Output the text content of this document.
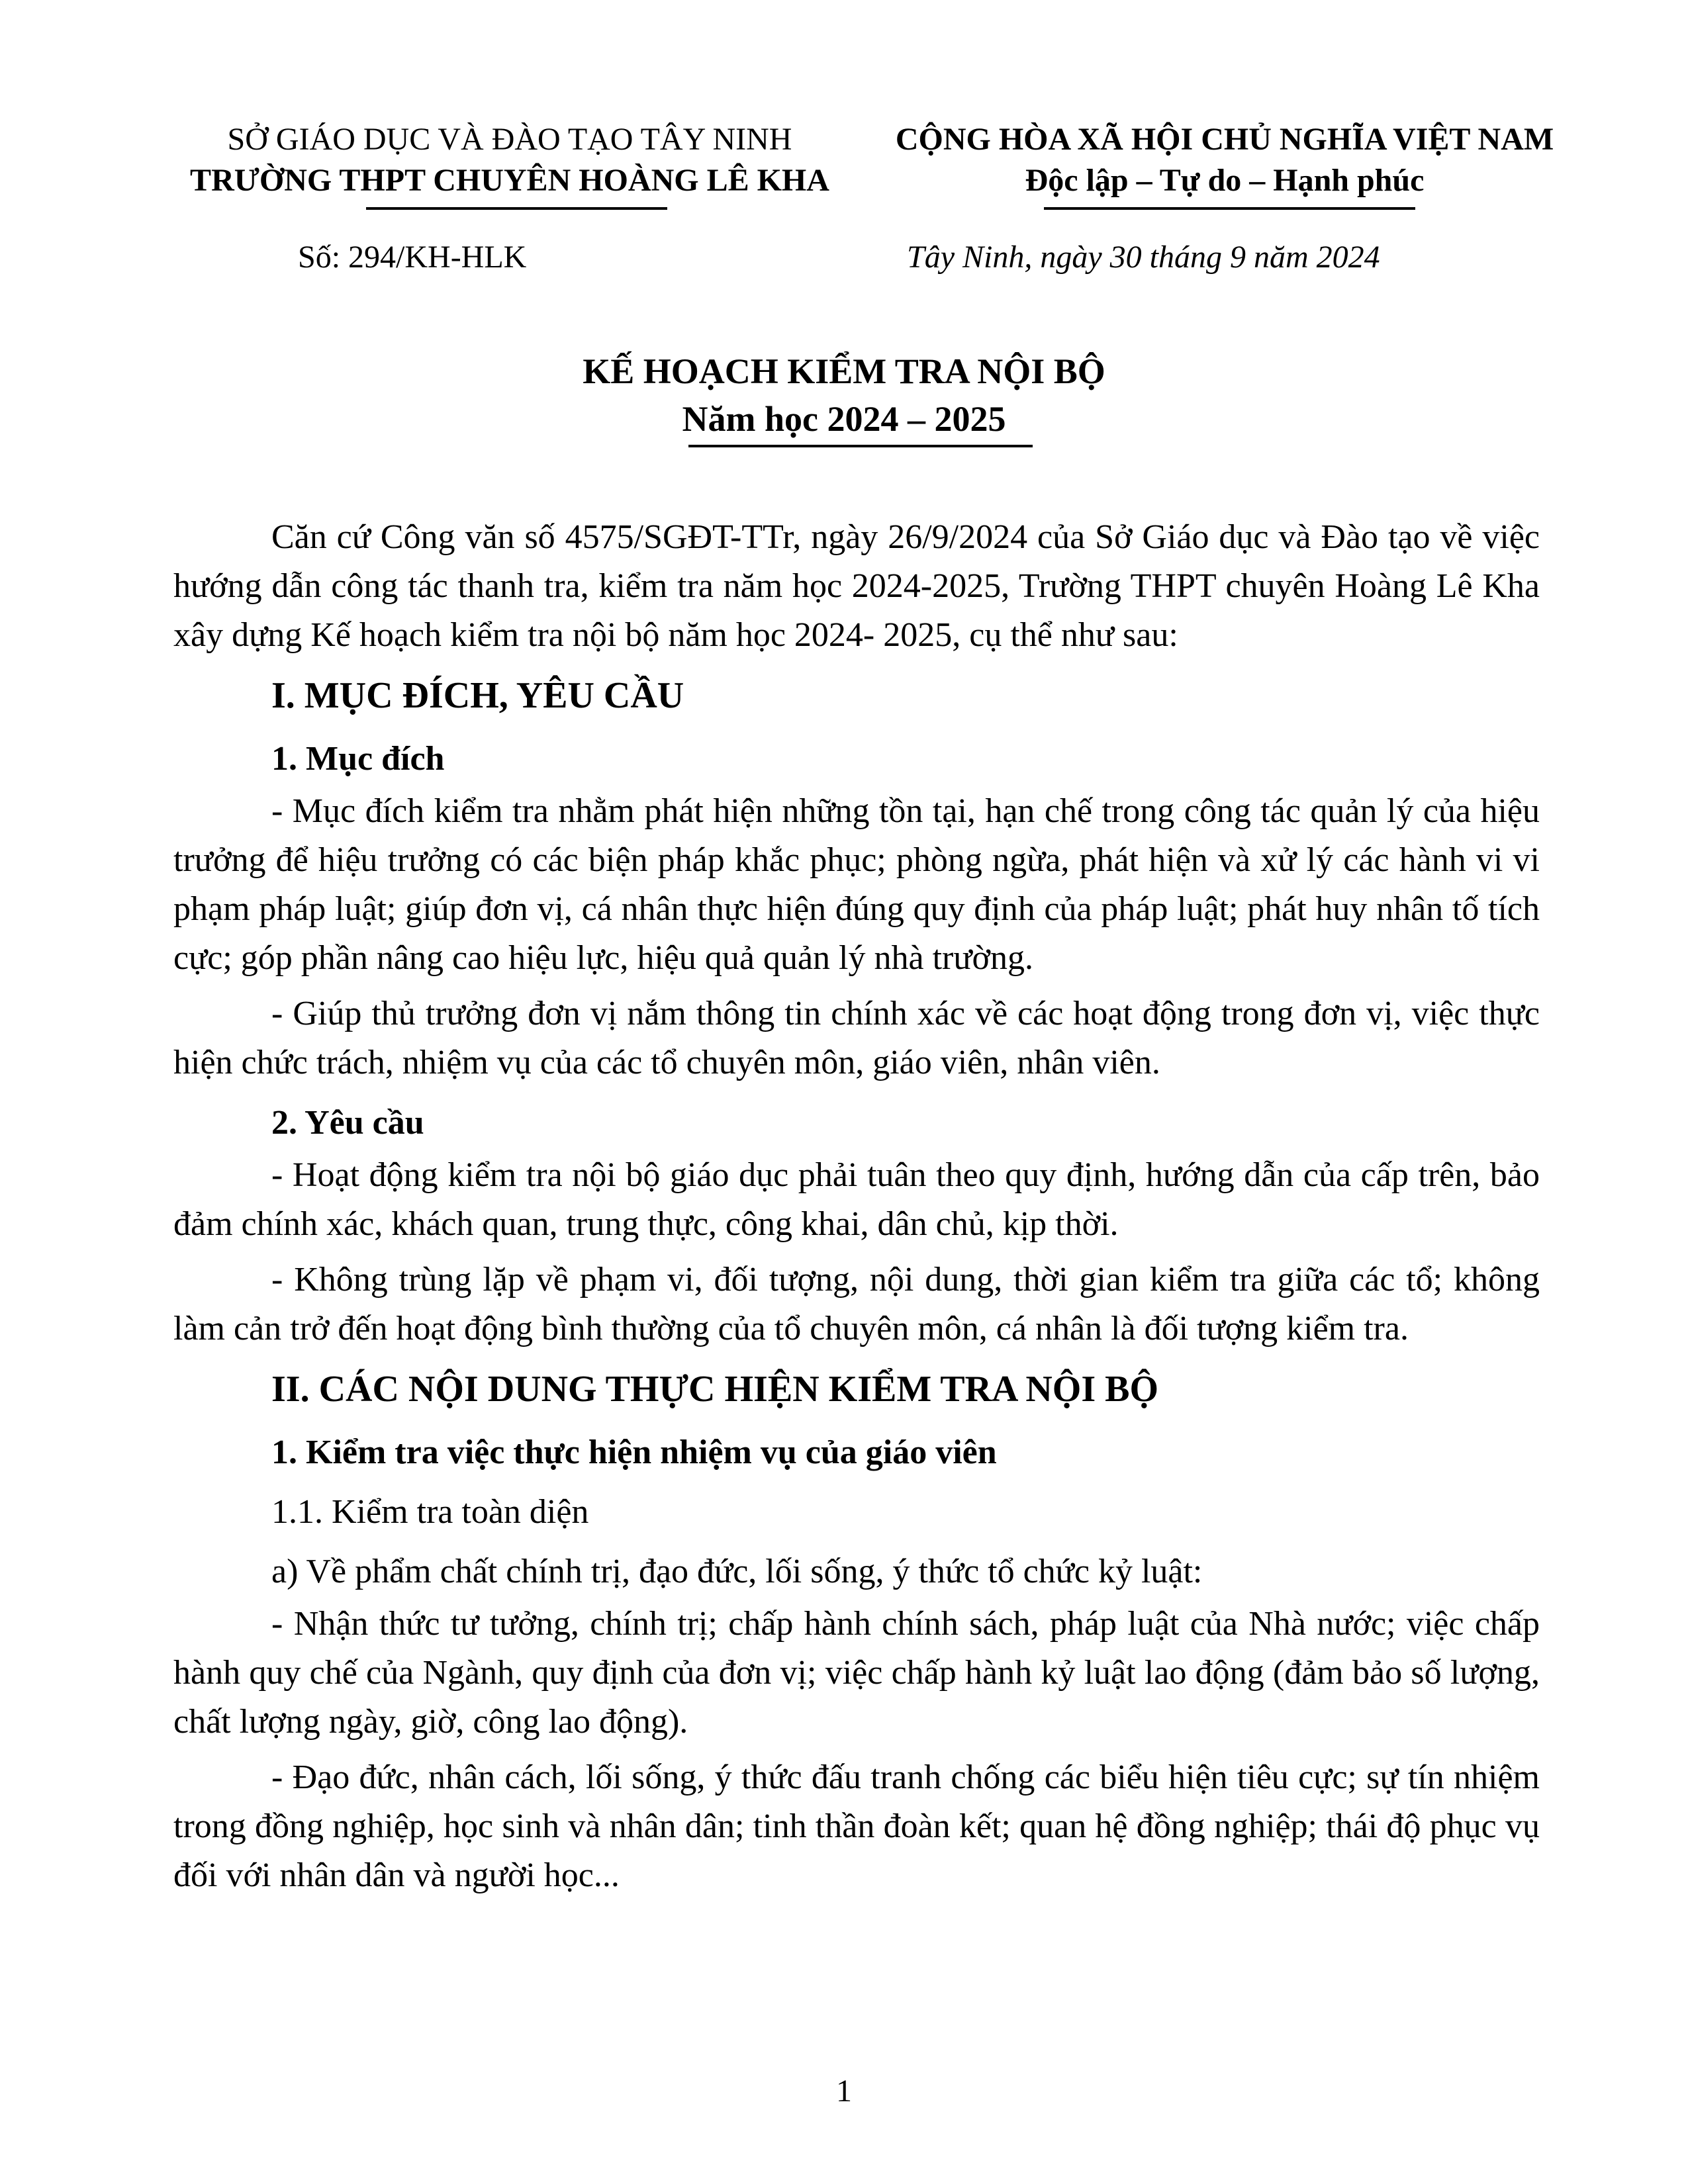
SỞ GIÁO DỤC VÀ ĐÀO TẠO TÂY NINH
TRƯỜNG THPT CHUYÊN HOÀNG LÊ KHA
CỘNG HÒA XÃ HỘI CHỦ NGHĨA VIỆT NAM
Độc lập – Tự do – Hạnh phúc
Số: 294/KH-HLK	Tây Ninh, ngày 30 tháng 9 năm 2024
KẾ HOẠCH KIỂM TRA NỘI BỘ
Năm học 2024 – 2025

Căn cứ Công văn số 4575/SGĐT-TTr, ngày 26/9/2024 của Sở Giáo dục và Đào tạo về việc hướng dẫn công tác thanh tra, kiểm tra năm học 2024-2025, Trường THPT chuyên Hoàng Lê Kha xây dựng Kế hoạch kiểm tra nội bộ năm học 2024- 2025, cụ thể như sau:

I. MỤC ĐÍCH, YÊU CẦU
1. Mục đích

- Mục đích kiểm tra nhằm phát hiện những tồn tại, hạn chế trong công tác quản lý của hiệu trưởng để hiệu trưởng có các biện pháp khắc phục; phòng ngừa, phát hiện và xử lý các hành vi vi phạm pháp luật; giúp đơn vị, cá nhân thực hiện đúng quy định của pháp luật; phát huy nhân tố tích cực; góp phần nâng cao hiệu lực, hiệu quả quản lý nhà trường.

- Giúp thủ trưởng đơn vị nắm thông tin chính xác về các hoạt động trong đơn vị, việc thực hiện chức trách, nhiệm vụ của các tổ chuyên môn, giáo viên, nhân viên.

2. Yêu cầu

- Hoạt động kiểm tra nội bộ giáo dục phải tuân theo quy định, hướng dẫn của cấp trên, bảo đảm chính xác, khách quan, trung thực, công khai, dân chủ, kịp thời.

- Không trùng lặp về phạm vi, đối tượng, nội dung, thời gian kiểm tra giữa các tổ; không làm cản trở đến hoạt động bình thường của tổ chuyên môn, cá nhân là đối tượng kiểm tra.

II. CÁC NỘI DUNG THỰC HIỆN KIỂM TRA NỘI BỘ
1. Kiểm tra việc thực hiện nhiệm vụ của giáo viên
1.1. Kiểm tra toàn diện
a) Về phẩm chất chính trị, đạo đức, lối sống, ý thức tổ chức kỷ luật:

- Nhận thức tư tưởng, chính trị; chấp hành chính sách, pháp luật của Nhà nước; việc chấp hành quy chế của Ngành, quy định của đơn vị; việc chấp hành kỷ luật lao động (đảm bảo số lượng, chất lượng ngày, giờ, công lao động).

- Đạo đức, nhân cách, lối sống, ý thức đấu tranh chống các biểu hiện tiêu cực; sự tín nhiệm trong đồng nghiệp, học sinh và nhân dân; tinh thần đoàn kết; quan hệ đồng nghiệp; thái độ phục vụ đối với nhân dân và người học...

1
